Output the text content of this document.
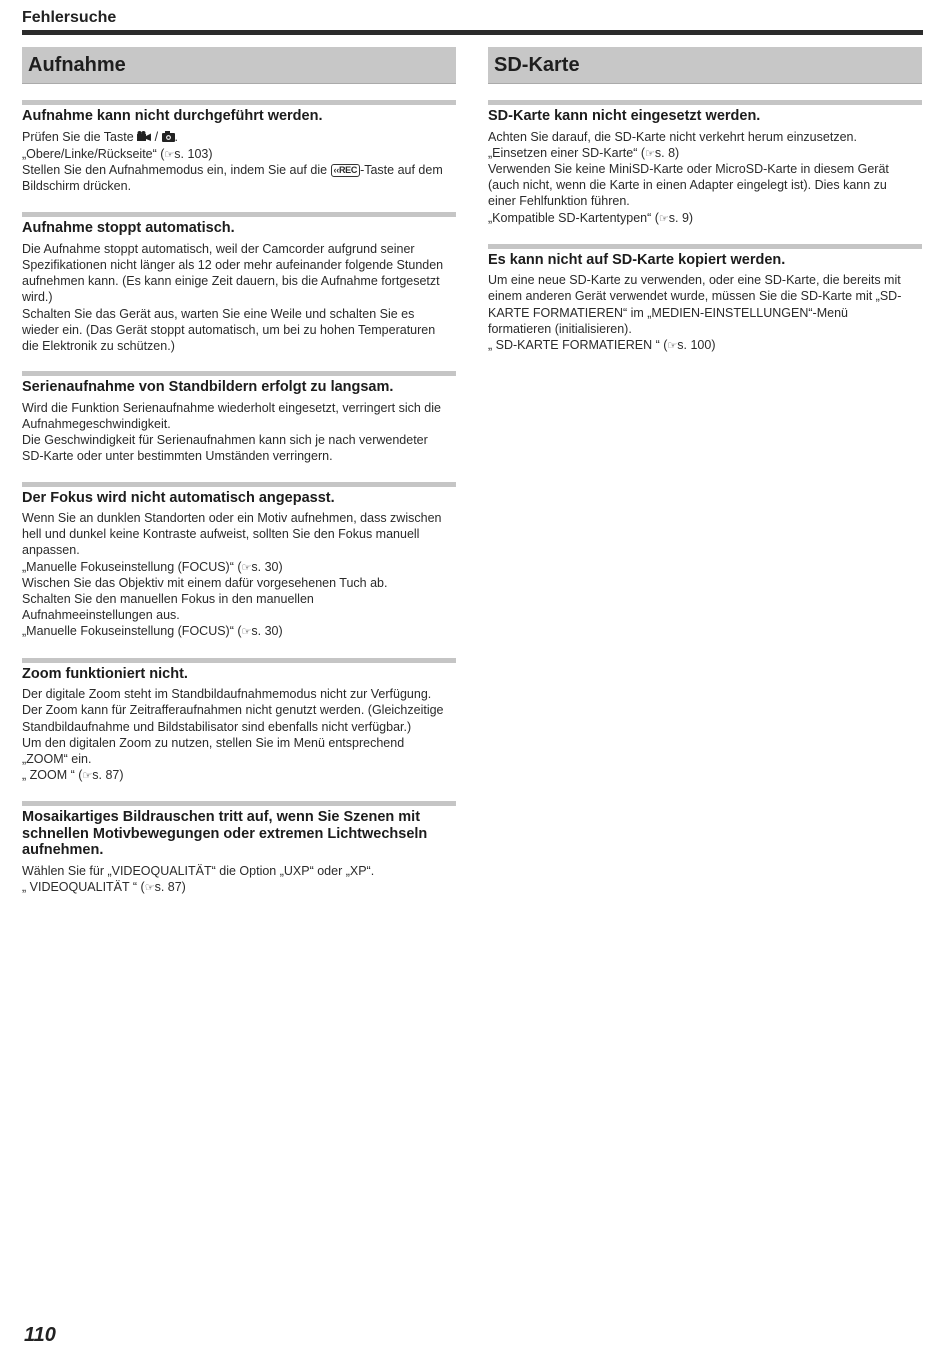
Fehlersuche
Aufnahme
Aufnahme kann nicht durchgeführt werden.
Prüfen Sie die Taste  / .
„Obere/Linke/Rückseite“ (☞s. 103)
Stellen Sie den Aufnahmemodus ein, indem Sie auf die ‹‹REC -Taste auf dem
Bildschirm drücken.
Aufnahme stoppt automatisch.
Die Aufnahme stoppt automatisch, weil der Camcorder aufgrund seiner
Spezifikationen nicht länger als 12 oder mehr aufeinander folgende Stunden
aufnehmen kann. (Es kann einige Zeit dauern, bis die Aufnahme fortgesetzt
wird.)
Schalten Sie das Gerät aus, warten Sie eine Weile und schalten Sie es
wieder ein. (Das Gerät stoppt automatisch, um bei zu hohen Temperaturen
die Elektronik zu schützen.)
Serienaufnahme von Standbildern erfolgt zu langsam.
Wird die Funktion Serienaufnahme wiederholt eingesetzt, verringert sich die
Aufnahmegeschwindigkeit.
Die Geschwindigkeit für Serienaufnahmen kann sich je nach verwendeter
SD-Karte oder unter bestimmten Umständen verringern.
Der Fokus wird nicht automatisch angepasst.
Wenn Sie an dunklen Standorten oder ein Motiv aufnehmen, dass zwischen
hell und dunkel keine Kontraste aufweist, sollten Sie den Fokus manuell
anpassen.
„Manuelle Fokuseinstellung (FOCUS)“ (☞s. 30)
Wischen Sie das Objektiv mit einem dafür vorgesehenen Tuch ab.
Schalten Sie den manuellen Fokus in den manuellen
Aufnahmeeinstellungen aus.
„Manuelle Fokuseinstellung (FOCUS)“ (☞s. 30)
Zoom funktioniert nicht.
Der digitale Zoom steht im Standbildaufnahmemodus nicht zur Verfügung.
Der Zoom kann für Zeitrafferaufnahmen nicht genutzt werden. (Gleichzeitige
Standbildaufnahme und Bildstabilisator sind ebenfalls nicht verfügbar.)
Um den digitalen Zoom zu nutzen, stellen Sie im Menü entsprechend
„ZOOM“ ein.
„ ZOOM “ (☞s. 87)
Mosaikartiges Bildrauschen tritt auf, wenn Sie Szenen mit
schnellen Motivbewegungen oder extremen Lichtwechseln
aufnehmen.
Wählen Sie für „VIDEOQUALITÄT“ die Option „UXP“ oder „XP“.
„ VIDEOQUALITÄT “ (☞s. 87)
SD-Karte
SD-Karte kann nicht eingesetzt werden.
Achten Sie darauf, die SD-Karte nicht verkehrt herum einzusetzen.
„Einsetzen einer SD-Karte“ (☞s. 8)
Verwenden Sie keine MiniSD-Karte oder MicroSD-Karte in diesem Gerät
(auch nicht, wenn die Karte in einen Adapter eingelegt ist). Dies kann zu
einer Fehlfunktion führen.
„Kompatible SD-Kartentypen“ (☞s. 9)
Es kann nicht auf SD-Karte kopiert werden.
Um eine neue SD-Karte zu verwenden, oder eine SD-Karte, die bereits mit
einem anderen Gerät verwendet wurde, müssen Sie die SD-Karte mit „SD-
KARTE FORMATIEREN“ im „MEDIEN-EINSTELLUNGEN“-Menü
formatieren (initialisieren).
„ SD-KARTE FORMATIEREN “ (☞s. 100)
110
